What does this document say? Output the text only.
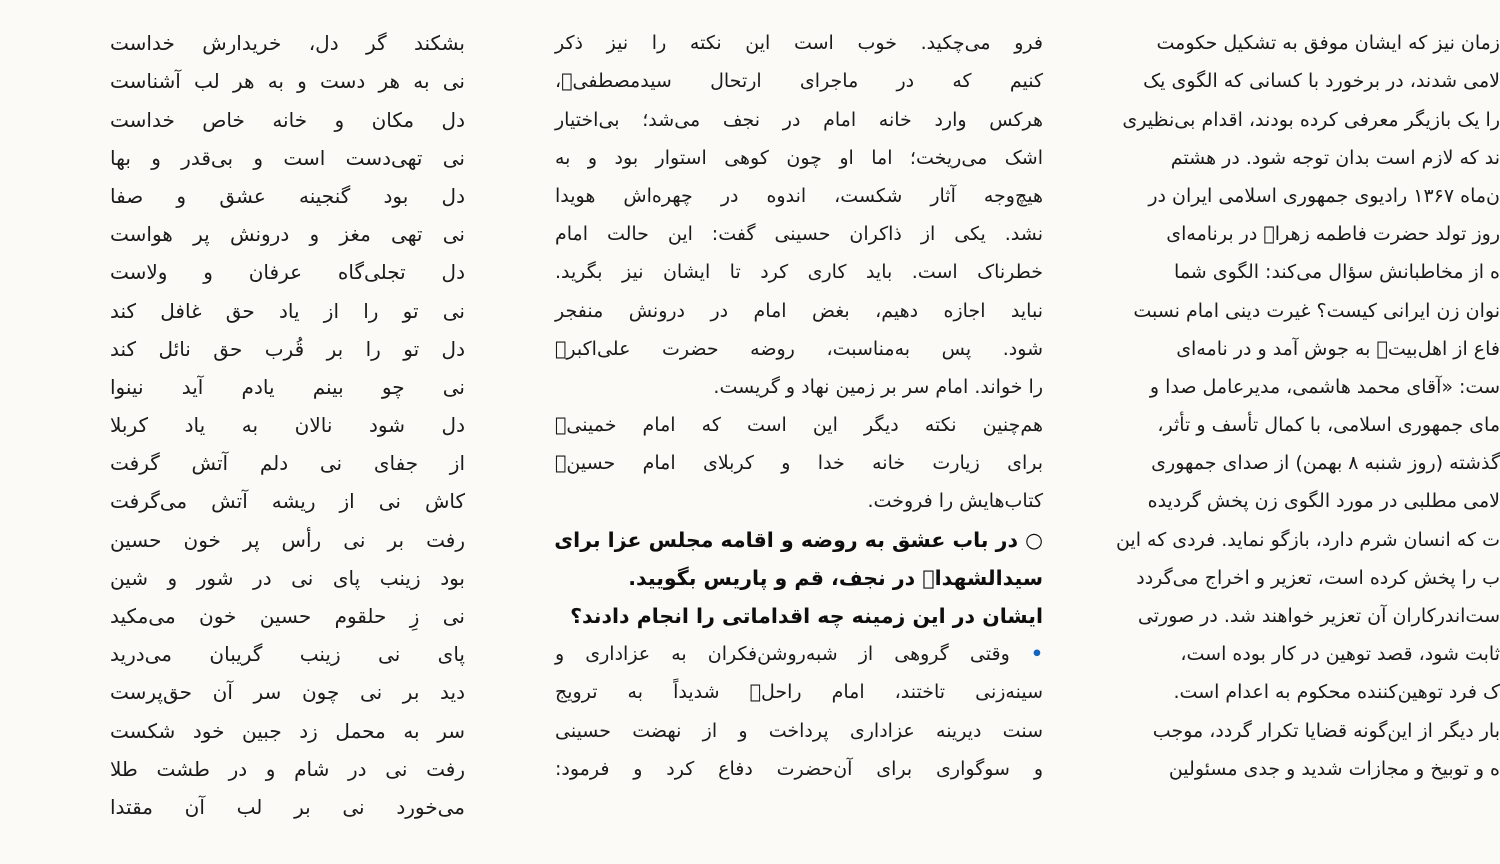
زمان نیز که ایشان موفق به تشکیل حکومت
لامی شدند، در برخورد با کسانی که الگوی یک
را یک بازیگر معرفی کرده بودند، اقدام بی‌نظیری
ند که لازم است بدان توجه شود. در هشتم
ن‌ماه ۱۳۶۷ رادیوی جمهوری اسلامی ایران در
روز تولد حضرت فاطمه زهرا﷤ در برنامه‌ای
ه از مخاطبانش سؤال می‌کند: الگوی شما
نوان زن ایرانی کیست؟ غیرت دینی امام نسبت
فاع از اهل‌بیت﷤ به جوش آمد و در نامه‌ای
ست: «آقای محمد هاشمی، مدیرعامل صدا و
مای جمهوری اسلامی، با کمال تأسف و تأثر،
گذشته (روز شنبه ۸ بهمن) از صدای جمهوری
لامی مطلبی در مورد الگوی زن پخش گردیده
ت که انسان شرم دارد، بازگو نماید. فردی که این
ب را پخش کرده است، تعزیر و اخراج می‌گردد
ست‌اندرکاران آن تعزیر خواهند شد. در صورتی
ثابت شود، قصد توهین در کار بوده است،
ک فرد توهین‌کننده محکوم به اعدام است.
بار دیگر از این‌گونه قضایا تکرار گردد، موجب
ه و توبیخ و مجازات شدید و جدی مسئولین
فرو می‌چکید. خوب است این نکته را نیز ذکر
کنیم که در ماجرای ارتحال سیدمصطفی﷬،
هرکس وارد خانه امام در نجف می‌شد؛ بی‌اختیار
اشک می‌ریخت؛ اما او چون کوهی استوار بود و به
هیچ‌وجه آثار شکست، اندوه در چهره‌اش هویدا
نشد. یکی از ذاکران حسینی گفت: این حالت امام
خطرناک است. باید کاری کرد تا ایشان نیز بگرید.
نباید اجازه دهیم، بغض امام در درونش منفجر
شود. پس به‌مناسبت، روضه حضرت علی‌اکبر﷤
را خواند. امام سر بر زمین نهاد و گریست.
هم‌چنین نکته دیگر این است که امام خمینی﷬
برای زیارت خانه خدا و کربلای امام حسین﷤
کتاب‌هایش را فروخت.
○ در باب عشق به روضه و اقامه مجلس عزا برای
سیدالشهدا﷤ در نجف، قم و پاریس بگویید.
ایشان در این زمینه چه اقداماتی را انجام دادند؟
• وقتی گروهی از شبه‌روشن‌فکران به عزاداری و
سینه‌زنی تاختند، امام راحل﷬ شدیداً به ترویج
سنت دیرینه عزاداری پرداخت و از نهضت حسینی
و سوگواری برای آن‌حضرت دفاع کرد و فرمود:
بشکند گر دل، خریدارش خداست
نی به هر دست و به هر لب آشناست
دل مکان و خانه خاص خداست
نی تهی‌دست است و بی‌قدر و بها
دل بود گنجینه عشق و صفا
نی تهی مغز و درونش پر هواست
دل تجلی‌گاه عرفان و ولاست
نی تو را از یاد حق غافل کند
دل تو را بر قُرب حق نائل کند
نی چو بینم یادم آید نینوا
دل شود نالان به یاد کربلا
از جفای نی دلم آتش گرفت
کاش نی از ریشه آتش می‌گرفت
رفت بر نی رأس پر خون حسین
بود زینب پای نی در شور و شین
نی زِ حلقوم حسین خون می‌مکید
پای نی زینب گریبان می‌درید
دید بر نی چون سر آن حق‌پرست
سر به محمل زد جبین خود شکست
رفت نی در شام و در طشت طلا
می‌خورد نی بر لب آن مقتدا
